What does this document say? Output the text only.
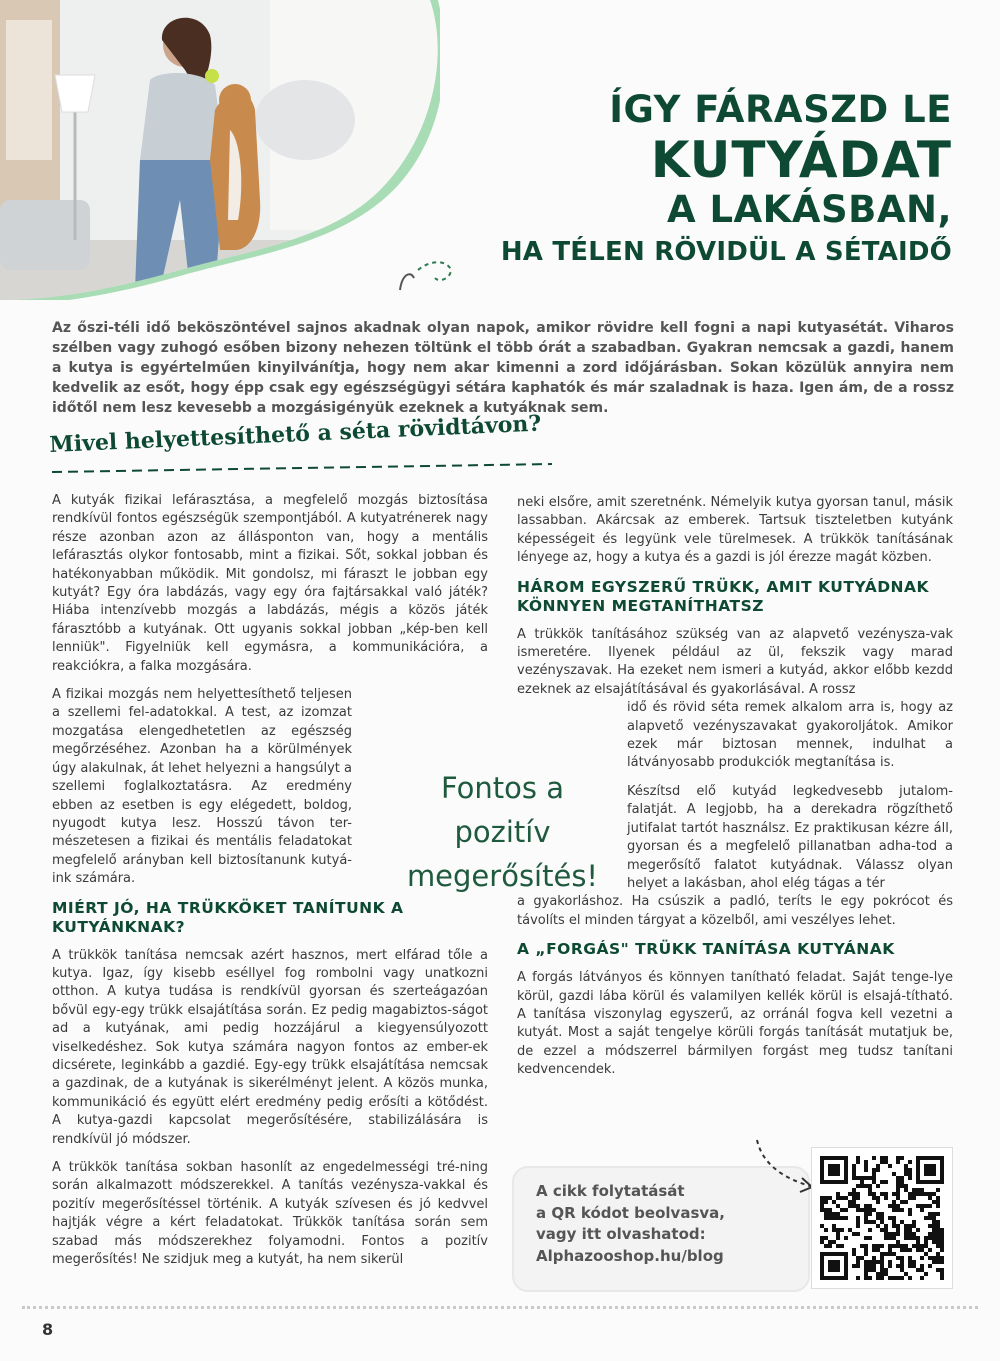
ÍGY FÁRASZD LE
KUTYÁDAT
A LAKÁSBAN,
HA TÉLEN RÖVIDÜL A SÉTAIDŐ
Az őszi-téli idő beköszöntével sajnos akadnak olyan napok, amikor rövidre kell fogni a napi kutyasétát. Viharos szélben vagy zuhogó esőben bizony nehezen töltünk el több órát a szabadban. Gyakran nemcsak a gazdi, hanem a kutya is egyértelműen kinyilvánítja, hogy nem akar kimenni a zord időjárásban. Sokan közülük annyira nem kedvelik az esőt, hogy épp csak egy egészségügyi sétára kaphatók és már szaladnak is haza. Igen ám, de a rossz időtől nem lesz kevesebb a mozgásigényük ezeknek a kutyáknak sem.
Mivel helyettesíthető a séta rövidtávon?

A kutyák fizikai lefárasztása, a megfelelő mozgás biztosítása rendkívül fontos egészségük szempontjából. A kutyatrénerek nagy része azonban azon az állásponton van, hogy a mentális lefárasztás olykor fontosabb, mint a fizikai. Sőt, sokkal jobban és hatékonyabban működik. Mit gondolsz, mi fáraszt le jobban egy kutyát? Egy óra labdázás, vagy egy óra fajtársakkal való játék? Hiába intenzívebb mozgás a labdázás, mégis a közös játék fárasztóbb a kutyának. Ott ugyanis sokkal jobban „kép-ben kell lenniük". Figyelniük kell egymásra, a kommunikációra, a reakciókra, a falka mozgására.

A fizikai mozgás nem helyettesíthető teljesen a szellemi fel-adatokkal. A test, az izomzat mozgatása elengedhetetlen az egészség megőrzéséhez. Azonban ha a körülmények úgy alakulnak, át lehet helyezni a hangsúlyt a szellemi foglalkoztatásra. Az eredmény ebben az esetben is egy elégedett, boldog, nyugodt kutya lesz. Hosszú távon ter-mészetesen a fizikai és mentális feladatokat megfelelő arányban kell biztosítanunk kutyá-ink számára.

MIÉRT JÓ, HA TRÜKKÖKET TANÍTUNK A KUTYÁNKNAK?

A trükkök tanítása nemcsak azért hasznos, mert elfárad tőle a kutya. Igaz, így kisebb eséllyel fog rombolni vagy unatkozni otthon. A kutya tudása is rendkívül gyorsan és szerteágazóan bővül egy-egy trükk elsajátítása során. Ez pedig magabiztos-ságot ad a kutyának, ami pedig hozzájárul a kiegyensúlyozott viselkedéshez. Sok kutya számára nagyon fontos az ember-ek dicsérete, leginkább a gazdié. Egy-egy trükk elsajátítása nemcsak a gazdinak, de a kutyának is sikerélményt jelent. A közös munka, kommunikáció és együtt elért eredmény pedig erősíti a kötődést. A kutya-gazdi kapcsolat megerősítésére, stabilizálására is rendkívül jó módszer.

A trükkök tanítása sokban hasonlít az engedelmességi tré-ning során alkalmazott módszerekkel. A tanítás vezénysza-vakkal és pozitív megerősítéssel történik. A kutyák szívesen és jó kedvvel hajtják végre a kért feladatokat. Trükkök tanítása során sem szabad más módszerekhez folyamodni. Fontos a pozitív megerősítés! Ne szidjuk meg a kutyát, ha nem sikerül

Fontos a pozitív megerősítés!

neki elsőre, amit szeretnénk. Némelyik kutya gyorsan tanul, másik lassabban. Akárcsak az emberek. Tartsuk tiszteletben kutyánk képességeit és legyünk vele türelmesek. A trükkök tanításának lényege az, hogy a kutya és a gazdi is jól érezze magát közben.

HÁROM EGYSZERŰ TRÜKK, AMIT KUTYÁDNAK KÖNNYEN MEGTANÍTHATSZ

A trükkök tanításához szükség van az alapvető vezénysza-vak ismeretére. Ilyenek például az ül, fekszik vagy marad vezényszavak. Ha ezeket nem ismeri a kutyád, akkor előbb kezdd ezeknek az elsajátításával és gyakorlásával. A rossz

idő és rövid séta remek alkalom arra is, hogy az alapvető vezényszavakat gyakoroljátok. Amikor ezek már biztosan mennek, indulhat a látványosabb produkciók megtanítása is.

Készítsd elő kutyád legkedvesebb jutalom-falatját. A legjobb, ha a derekadra rögzíthető jutifalat tartót használsz. Ez praktikusan kézre áll, gyorsan és a megfelelő pillanatban adha-tod a megerősítő falatot kutyádnak. Válassz olyan helyet a lakásban, ahol elég tágas a tér

a gyakorláshoz. Ha csúszik a padló, teríts le egy pokrócot és távolíts el minden tárgyat a közelből, ami veszélyes lehet.

A „FORGÁS" TRÜKK TANÍTÁSA KUTYÁNAK

A forgás látványos és könnyen tanítható feladat. Saját tenge-lye körül, gazdi lába körül és valamilyen kellék körül is elsajá-títható. A tanítása viszonylag egyszerű, az orránál fogva kell vezetni a kutyát. Most a saját tengelye körüli forgás tanítását mutatjuk be, de ezzel a módszerrel bármilyen forgást meg tudsz tanítani kedvencendek.

A cikk folytatását
a QR kódot beolvasva,
vagy itt olvashatod:
Alphazooshop.hu/blog
8
